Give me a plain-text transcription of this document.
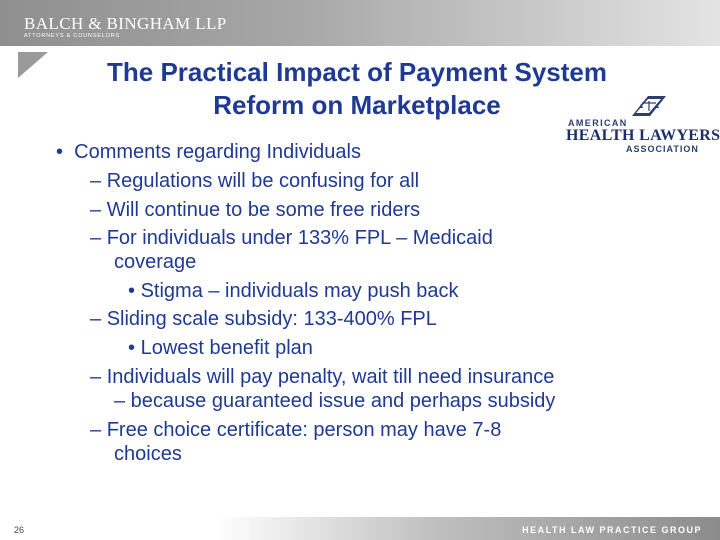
BALCH & BINGHAM LLP
ATTORNEYS & COUNSELORS
The Practical Impact of Payment System
Reform on Marketplace
AMERICAN
HEALTH LAWYERS
ASSOCIATION
• Comments regarding Individuals
– Regulations will be confusing for all
– Will continue to be some free riders
– For individuals under 133% FPL – Medicaid
coverage
• Stigma – individuals may push back
– Sliding scale subsidy: 133-400% FPL
• Lowest benefit plan
– Individuals will pay penalty, wait till need insurance
– because guaranteed issue and perhaps subsidy
– Free choice certificate: person may have 7-8
choices
26	HEALTH LAW PRACTICE GROUP
